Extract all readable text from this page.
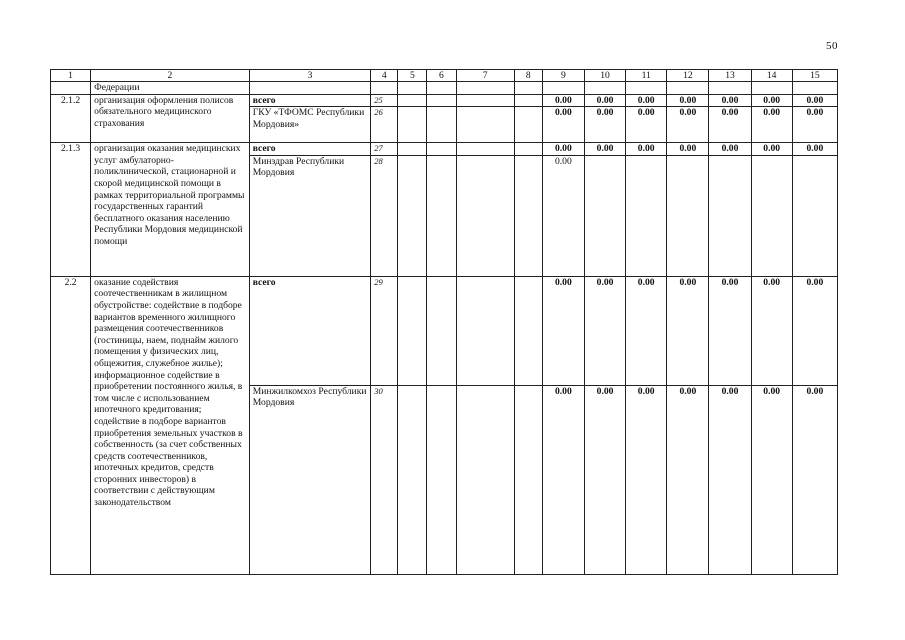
50
1	2	3	4	5	6	7	8	9	10	11	12	13	14	15
	Федерации													
2.1.2	организация оформления полисов обязательного медицинского страхования	всего	25					0.00	0.00	0.00	0.00	0.00	0.00	0.00
		ГКУ «ТФОМС Республики Мордовия»	26					0.00	0.00	0.00	0.00	0.00	0.00	0.00
2.1.3	организация оказания медицинских услуг амбулаторно-поликлинической, стационарной и скорой медицинской помощи в рамках территориальной программы государственных гарантий бесплатного оказания населению Республики Мордовия медицинской помощи	всего	27					0.00	0.00	0.00	0.00	0.00	0.00	0.00
		Минздрав Республики Мордовия	28					0.00						
2.2	оказание содействия соотечественникам в жилищном обустройстве: содействие в подборе вариантов временного жилищного размещения соотечественников (гостиницы, наем, поднайм жилого помещения у физических лиц, общежития, служебное жилье); информационное содействие в приобретении постоянного жилья, в том числе с использованием ипотечного кредитования; содействие в подборе вариантов приобретения земельных участков в собственность (за счет собственных средств соотечественников, ипотечных кредитов, средств сторонних инвесторов) в соответствии с действующим законодательством	всего	29					0.00	0.00	0.00	0.00	0.00	0.00	0.00
		Минжилкомхоз Республики Мордовия	30					0.00	0.00	0.00	0.00	0.00	0.00	0.00
